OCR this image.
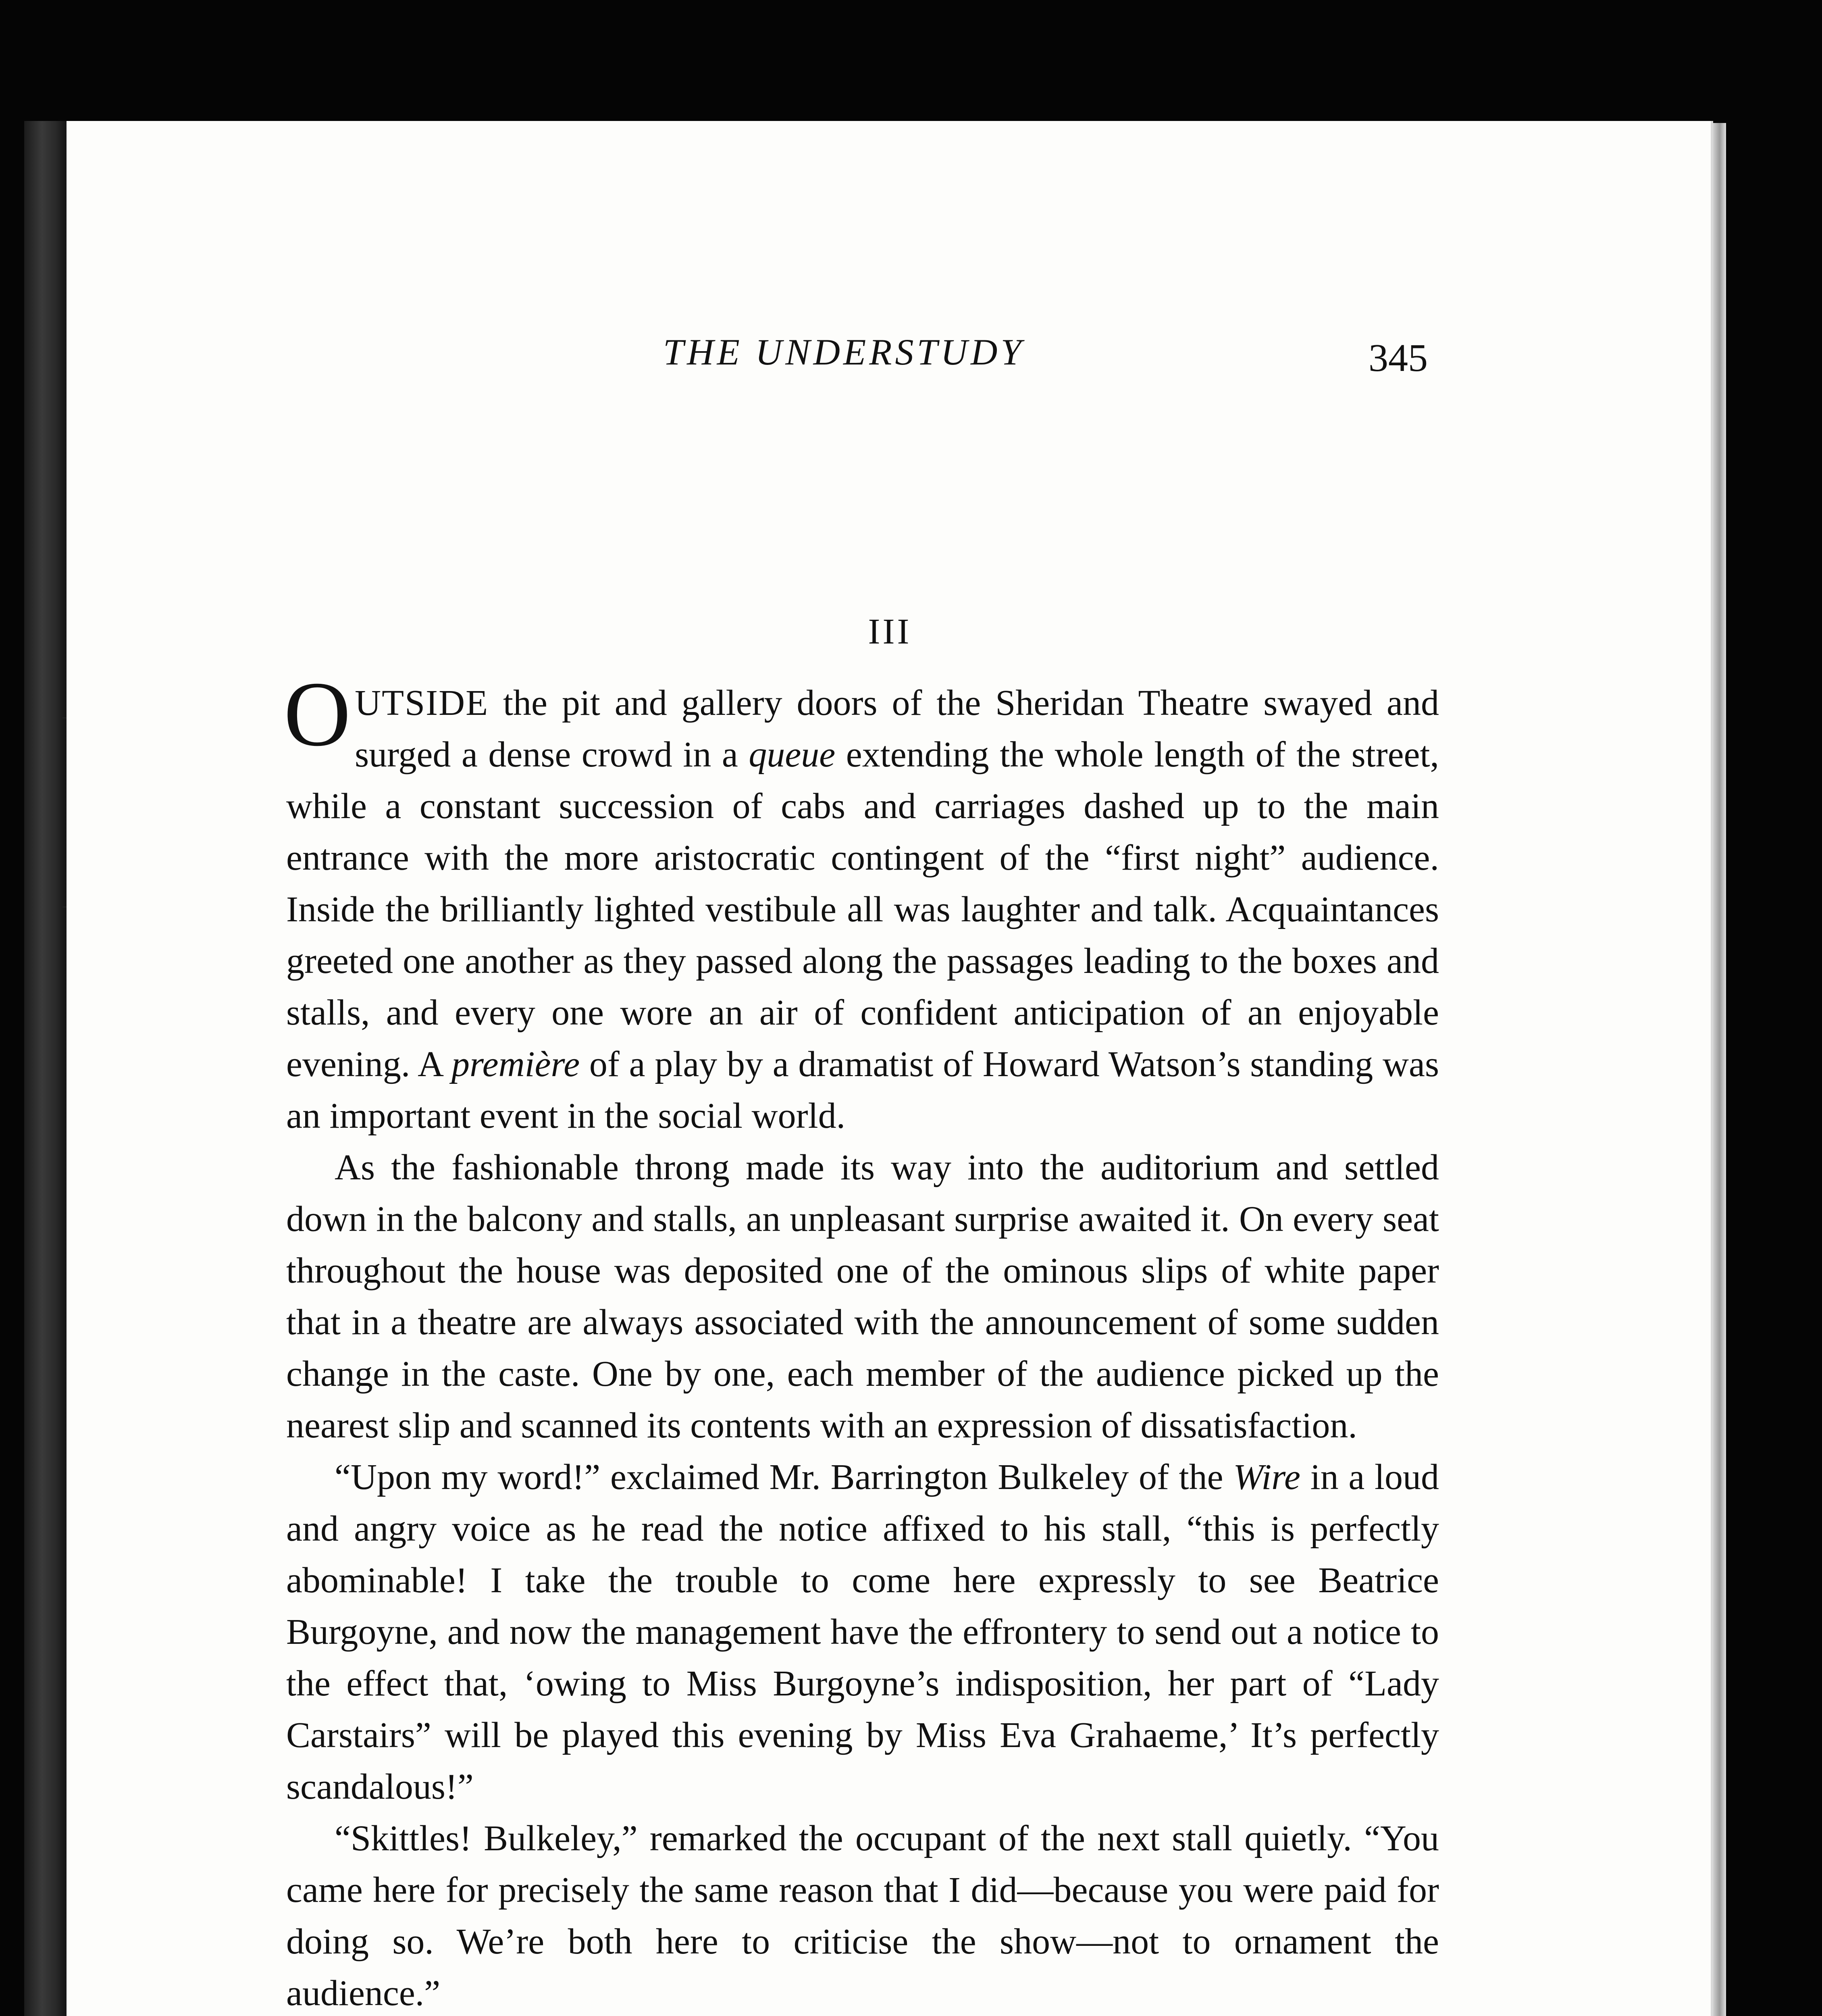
THE UNDERSTUDY	345
III

OUTSIDE the pit and gallery doors of the Sheridan Theatre swayed and surged a dense crowd in a queue extending the whole length of the street, while a constant succession of cabs and carriages dashed up to the main entrance with the more aristocratic contingent of the “first night” audience. Inside the brilliantly lighted vestibule all was laughter and talk. Acquaintances greeted one another as they passed along the passages leading to the boxes and stalls, and every one wore an air of confident anticipation of an enjoyable evening. A première of a play by a dramatist of Howard Watson’s standing was an important event in the social world.

As the fashionable throng made its way into the auditorium and settled down in the balcony and stalls, an unpleasant surprise awaited it. On every seat throughout the house was deposited one of the ominous slips of white paper that in a theatre are always associated with the announcement of some sudden change in the caste. One by one, each member of the audience picked up the nearest slip and scanned its contents with an expression of dissatisfaction.

“Upon my word!” exclaimed Mr. Barrington Bulkeley of the Wire in a loud and angry voice as he read the notice affixed to his stall, “this is perfectly abominable! I take the trouble to come here expressly to see Beatrice Burgoyne, and now the management have the effrontery to send out a notice to the effect that, ‘owing to Miss Burgoyne’s indisposition, her part of “Lady Carstairs” will be played this evening by Miss Eva Grahaeme,’ It’s perfectly scandalous!”

“Skittles! Bulkeley,” remarked the occupant of the next stall quietly. “You came here for precisely the same reason that I did—because you were paid for doing so. We’re both here to criticise the show—not to ornament the audience.”
